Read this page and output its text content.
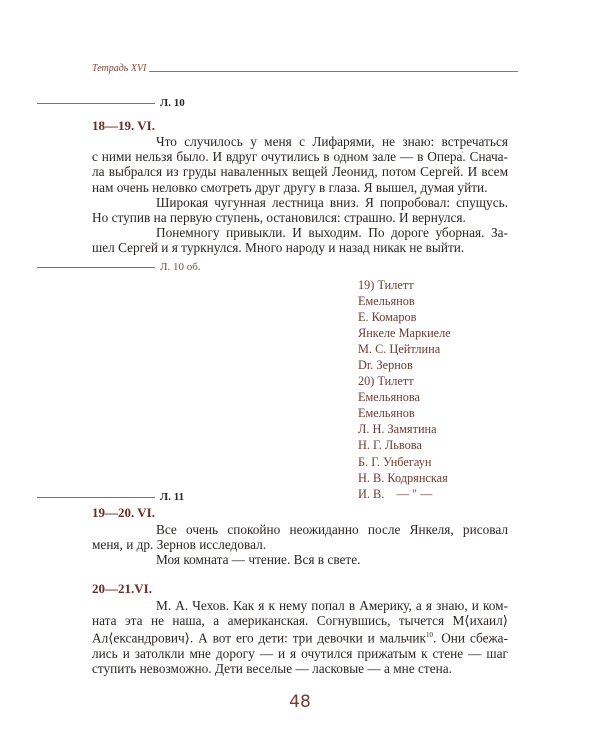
Тетрадь XVI
Л. 10
18—19. VI.
Что случилось у меня с Лифарями, не знаю: встречаться
с ними нельзя было. И вдруг очутились в одном зале — в Операׁ. Снача-
ла выбрался из груды наваленных вещей Леонид, потом Сергей. И всем
нам очень неловко смотреть друг другу в глаза. Я вышел, думая уйти.
Широкая чугунная лестница вниз. Я попробовал: спущусь.
Но ступив на первую ступень, остановился: страшно. И вернулся.
Понемногу привыкли. И выходим. По дороге уборная. За-
шел Сергей и я туркнулся. Много народу и назад никак не выйти.
Л. 10 об.
19) Тилетт
Емельянов
Е. Комаров
Янкеле Маркиеле
М. С. Цейтлина
Dr. Зернов
20) Тилетт
Емельянова
Емельянов
Л. Н. Замятина
Н. Г. Львова
Б. Г. Унбегаун
Н. В. Кодрянская
И. В.    — " —
Л. 11
19—20. VI.
Все очень спокойно неожиданно после Янкеля, рисовал
меня, и др. Зернов исследовал.
Моя комната — чтение. Вся в свете.
20—21.VI.
М. А. Чехов. Как я к нему попал в Америку, а я знаю, и ком-
ната эта не наша, а американская. Согнувшись, тычется М⟨ихаил⟩
Ал⟨ександрович⟩. А вот его дети: три девочки и мальчик$^{10}$. Они сбежа-
лись и затолкли мне дорогу — и я очутился прижатым к стене — шаг
ступить невозможно. Дети веселые — ласковые — а мне стена.
48
